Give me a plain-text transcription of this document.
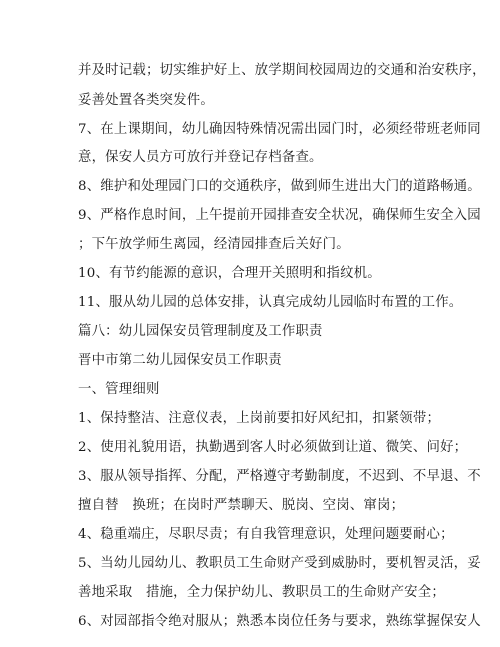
并及时记载；切实维护好上、放学期间校园周边的交通和治安秩序，
妥善处置各类突发件。
7、在上课期间，幼儿确因特殊情况需出园门时，必须经带班老师同
意，保安人员方可放行并登记存档备查。
8、维护和处理园门口的交通秩序，做到师生进出大门的道路畅通。
9、严格作息时间，上午提前开园排查安全状况，确保师生安全入园
；下午放学师生离园，经清园排查后关好门。
10、有节约能源的意识，合理开关照明和指纹机。
11、服从幼儿园的总体安排，认真完成幼儿园临时布置的工作。
篇八：幼儿园保安员管理制度及工作职责
晋中市第二幼儿园保安员工作职责
一、管理细则
1、保持整洁、注意仪表，上岗前要扣好风纪扣，扣紧领带；
2、使用礼貌用语，执勤遇到客人时必须做到让道、微笑、问好；
3、服从领导指挥、分配，严格遵守考勤制度，不迟到、不早退、不
擅自替　换班；在岗时严禁聊天、脱岗、空岗、窜岗；
4、稳重端庄，尽职尽责；有自我管理意识，处理问题要耐心；
5、当幼儿园幼儿、教职员工生命财产受到威胁时，要机智灵活，妥
善地采取　措施，全力保护幼儿、教职员工的生命财产安全；
6、对园部指令绝对服从；熟悉本岗位任务与要求，熟练掌握保安人
